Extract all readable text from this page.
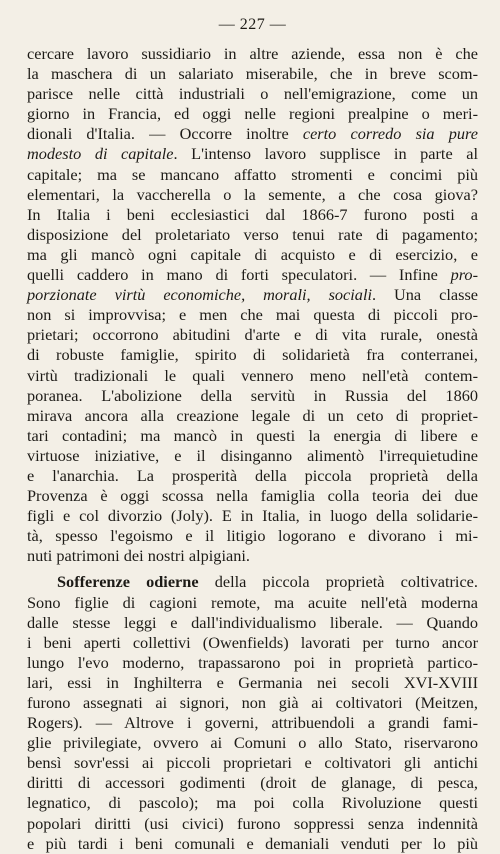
— 227 —
cercare lavoro sussidiario in altre aziende, essa non è che
la maschera di un salariato miserabile, che in breve scom-
parisce nelle città industriali o nell'emigrazione, come un
giorno in Francia, ed oggi nelle regioni prealpine o meri-
dionali d'Italia. — Occorre inoltre certo corredo sia pure
modesto di capitale. L'intenso lavoro supplisce in parte al
capitale; ma se mancano affatto stromenti e concimi più
elementari, la vaccherella o la semente, a che cosa giova?
In Italia i beni ecclesiastici dal 1866-7 furono posti a
disposizione del proletariato verso tenui rate di pagamento;
ma gli mancò ogni capitale di acquisto e di esercizio, e
quelli caddero in mano di forti speculatori. — Infine pro-
porzionate virtù economiche, morali, sociali. Una classe
non si improvvisa; e men che mai questa di piccoli pro-
prietari; occorrono abitudini d'arte e di vita rurale, onestà
di robuste famiglie, spirito di solidarietà fra conterranei,
virtù tradizionali le quali vennero meno nell'età contem-
poranea. L'abolizione della servitù in Russia del 1860
mirava ancora alla creazione legale di un ceto di propriet-
tari contadini; ma mancò in questi la energia di libere e
virtuose iniziative, e il disinganno alimentò l'irrequietudine
e l'anarchia. La prosperità della piccola proprietà della
Provenza è oggi scossa nella famiglia colla teoria dei due
figli e col divorzio (Joly). E in Italia, in luogo della solidarie-
tà, spesso l'egoismo e il litigio logorano e divorano i mi-
nuti patrimoni dei nostri alpigiani.
Sofferenze odierne della piccola proprietà coltivatrice.
Sono figlie di cagioni remote, ma acuite nell'età moderna
dalle stesse leggi e dall'individualismo liberale. — Quando
i beni aperti collettivi (Owenfields) lavorati per turno ancor
lungo l'evo moderno, trapassarono poi in proprietà partico-
lari, essi in Inghilterra e Germania nei secoli XVI-XVIII
furono assegnati ai signori, non già ai coltivatori (Meitzen,
Rogers). — Altrove i governi, attribuendoli a grandi fami-
glie privilegiate, ovvero ai Comuni o allo Stato, riservarono
bensì sovr'essi ai piccoli proprietari e coltivatori gli antichi
diritti di accessori godimenti (droit de glanage, di pesca,
legnatico, di pascolo); ma poi colla Rivoluzione questi
popolari diritti (usi civici) furono soppressi senza indennità
e più tardi i beni comunali e demaniali venduti per lo più
